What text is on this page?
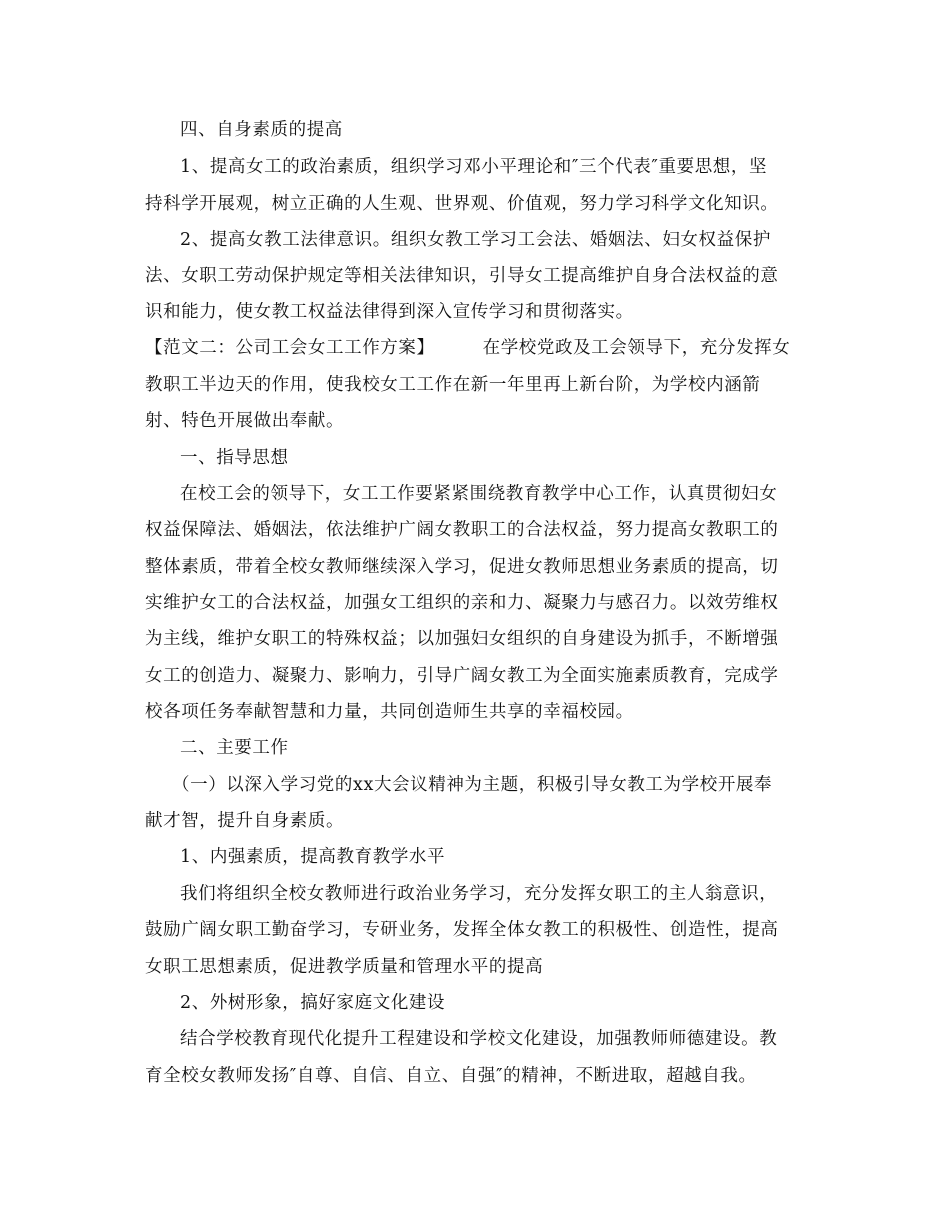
四、自身素质的提高
1、提高女工的政治素质，组织学习邓小平理论和″三个代表″重要思想，坚
持科学开展观，树立正确的人生观、世界观、价值观，努力学习科学文化知识。
2、提高女教工法律意识。组织女教工学习工会法、婚姻法、妇女权益保护
法、女职工劳动保护规定等相关法律知识，引导女工提高维护自身合法权益的意
识和能力，使女教工权益法律得到深入宣传学习和贯彻落实。
【范文二：公司工会女工工作方案】	在学校党政及工会领导下，充分发挥女
教职工半边天的作用，使我校女工工作在新一年里再上新台阶，为学校内涵箭
射、特色开展做出奉献。
一、指导思想
在校工会的领导下，女工工作要紧紧围绕教育教学中心工作，认真贯彻妇女
权益保障法、婚姻法，依法维护广阔女教职工的合法权益，努力提高女教职工的
整体素质，带着全校女教师继续深入学习，促进女教师思想业务素质的提高，切
实维护女工的合法权益，加强女工组织的亲和力、凝聚力与感召力。以效劳维权
为主线，维护女职工的特殊权益；以加强妇女组织的自身建设为抓手，不断增强
女工的创造力、凝聚力、影响力，引导广阔女教工为全面实施素质教育，完成学
校各项任务奉献智慧和力量，共同创造师生共享的幸福校园。
二、主要工作
（一）以深入学习党的xx大会议精神为主题，积极引导女教工为学校开展奉
献才智，提升自身素质。
1、内强素质，提高教育教学水平
我们将组织全校女教师进行政治业务学习，充分发挥女职工的主人翁意识，
鼓励广阔女职工勤奋学习，专研业务，发挥全体女教工的积极性、创造性，提高
女职工思想素质，促进教学质量和管理水平的提高
2、外树形象，搞好家庭文化建设
结合学校教育现代化提升工程建设和学校文化建设，加强教师师德建设。教
育全校女教师发扬″自尊、自信、自立、自强″的精神，不断进取，超越自我。
